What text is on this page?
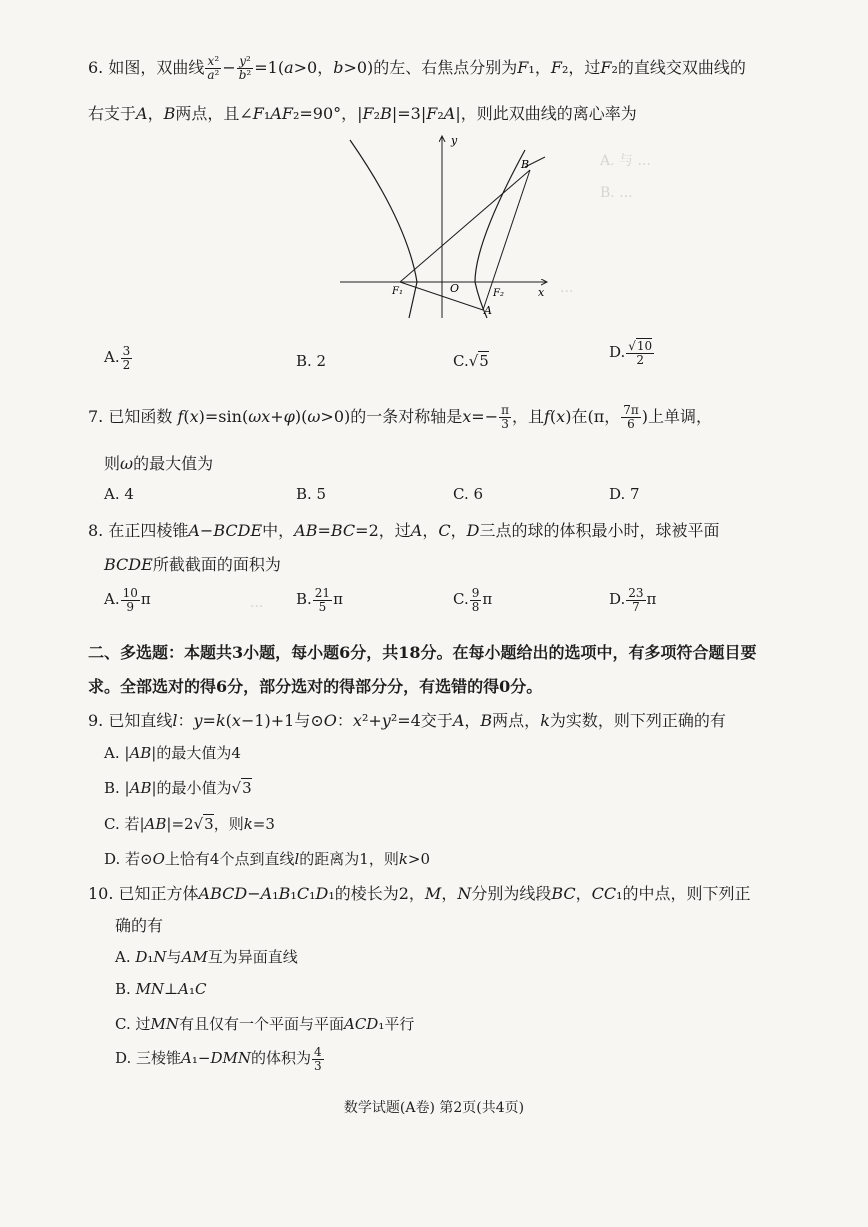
A. 与 ...
B. ...
...
...
6. 如图，双曲线 $\frac{\text{x²}}{\text{a²}} - \frac{\text{y²}}{\text{b²}} =1(a>0$，b>0)的左、右焦点分别为F₁，F₂，过F₂的直线交双曲线的
右支于A，B两点，且∠F₁AF₂=90°，|F₂B|=3|F₂A|，则此双曲线的离心率为
y
x
B
A
F₁	F₂
O
A. $\frac{3}{2}$	B. 2	C.√5	D. $\frac{√10}{2}$
7. 已知函数 f(x)=sin(ωx+φ)(ω>0)的一条对称轴是$x=- \frac{\pi}{3}$ ，且f(x)在(π， $\frac{7\pi}{6}$ )上单调，
则ω的最大值为
A. 4	B. 5	C. 6	D. 7
8. 在正四棱锥A−BCDE中，AB=BC=2，过A，C，D三点的球的体积最小时，球被平面
BCDE所截截面的面积为
A. $\frac{10}{9}$ π	B. $\frac{21}{5}$ π	C. $\frac{9}{8}$ π	D. $\frac{23}{7}$ π
二、多选题：本题共3小题，每小题6分，共18分。在每小题给出的选项中，有多项符合题目要
求。全部选对的得6分，部分选对的得部分分，有选错的得0分。
9. 已知直线l：y=k(x−1)+1与⊙O：x²+y²=4交于A，B两点，k为实数，则下列正确的有
A. |AB|的最大值为4
B. |AB|的最小值为√3
C. 若|AB|=2√3，则k=3
D. 若⊙O上恰有4个点到直线l的距离为1，则k>0
10. 已知正方体ABCD−A₁B₁C₁D₁的棱长为2，M，N分别为线段BC，CC₁的中点，则下列正
确的有
A. D₁N与AM互为异面直线
B. MN⊥A₁C
C. 过MN有且仅有一个平面与平面ACD₁平行
D. 三棱锥A₁−DMN的体积为 $\frac{4}{3}$
数学试题(A卷) 第2页(共4页)
